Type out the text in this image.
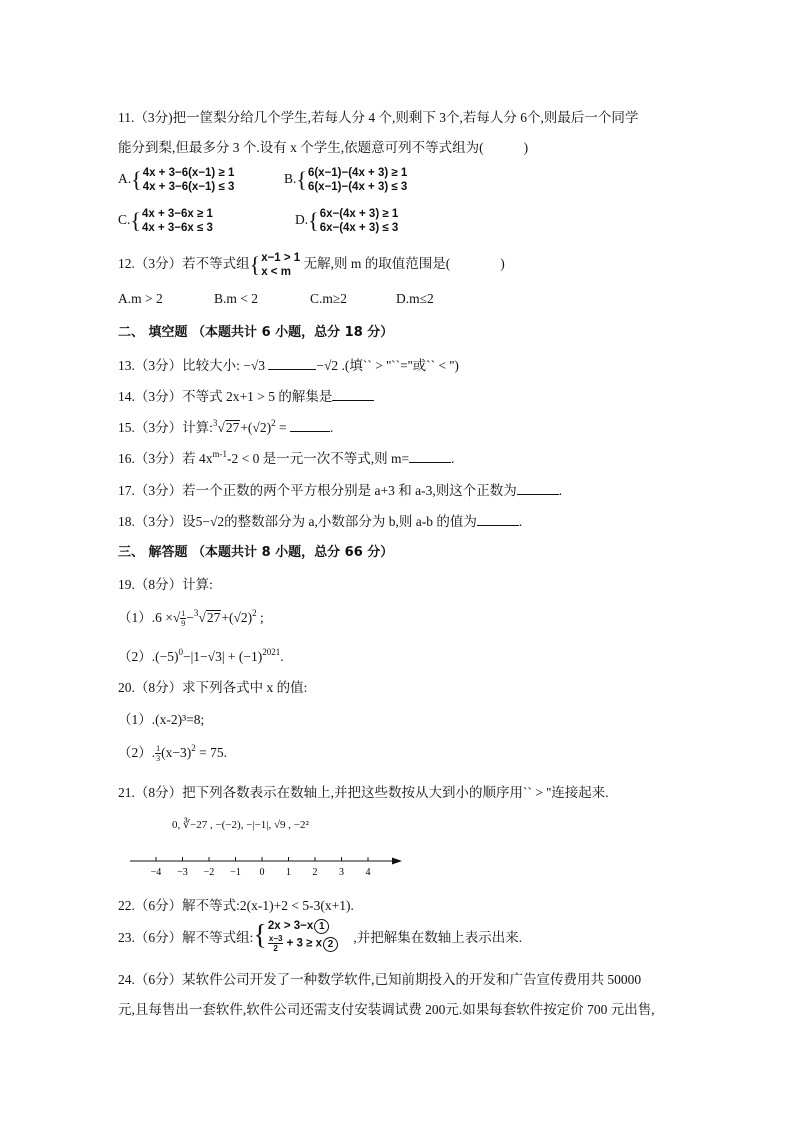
11.（3分)把一筐梨分给几个学生,若每人分 4 个,则剩下 3个,若每人分 6个,则最后一个同学
能分到梨,但最多分 3 个.设有 x 个学生,依题意可列不等式组为(	)
A.{ 4x + 3−6(x−1) ≥ 1
4x + 3−6(x−1) ≤ 3
B.{ 6(x−1)−(4x + 3) ≥ 1
6(x−1)−(4x + 3) ≤ 3
C.{ 4x + 3−6x ≥ 1
4x + 3−6x ≤ 3
D.{ 6x−(4x + 3) ≥ 1
6x−(4x + 3) ≤ 3
12.（3分）若不等式组{ x−1 > 1
x < m
无解,则 m 的取值范围是(	)
A.m > 2	B.m < 2	C.m≥2	D.m≤2
二、 填空题 （本题共计 6 小题，总分 18 分）
13.（3分）比较大小: −√3	−√2 .(填`` > ''``=''或`` < '')
14.（3分）不等式 2x+1 > 5 的解集是
15.（3分）计算$:^3√27+(√2)^2$ =	.
16.（3分）若 $4x^{m-1}-2 < 0$ 是一元一次不等式,则 m=	.
17.（3分）若一个正数的两个平方根分别是 a+3 和 a-3,则这个正数为	.
18.（3分）设5−√2的整数部分为 a,小数部分为 b,则 a-b 的值为	.
三、 解答题 （本题共计 8 小题，总分 66 分）
19.（8分）计算:
（1）.6 ×√ $\frac{1}{9} -^3√27+(√2)^2$ ;
$(2).(-5)^0-|1-√3| + (-1)^{2021}$.
20.（8分）求下列各式中 x 的值:
（1）.(x-2)³=8;
（2）. $\frac{1}{3} (x-3)^2 = 75$.
21.（8分）把下列各数表示在数轴上,并把这些数按从大到小的顺序用`` > ''连接起来.
0, ∛−27 , −(−2), −|−1|, √9 , −2²
−4 −3 −2 −1 0 1 2 3 4
22.（6分）解不等式:2(x-1)+2 < 5-3(x+1).
23.（6分）解不等式组:{ 2x > 3−x 1
$\frac{x-3}{2} + 3 \ge x$ 2	,并把解集在数轴上表示出来.
24.（6分）某软件公司开发了一种数学软件,已知前期投入的开发和广告宣传费用共 50000
元,且每售出一套软件,软件公司还需支付安装调试费 200元.如果每套软件按定价 700 元出售,
